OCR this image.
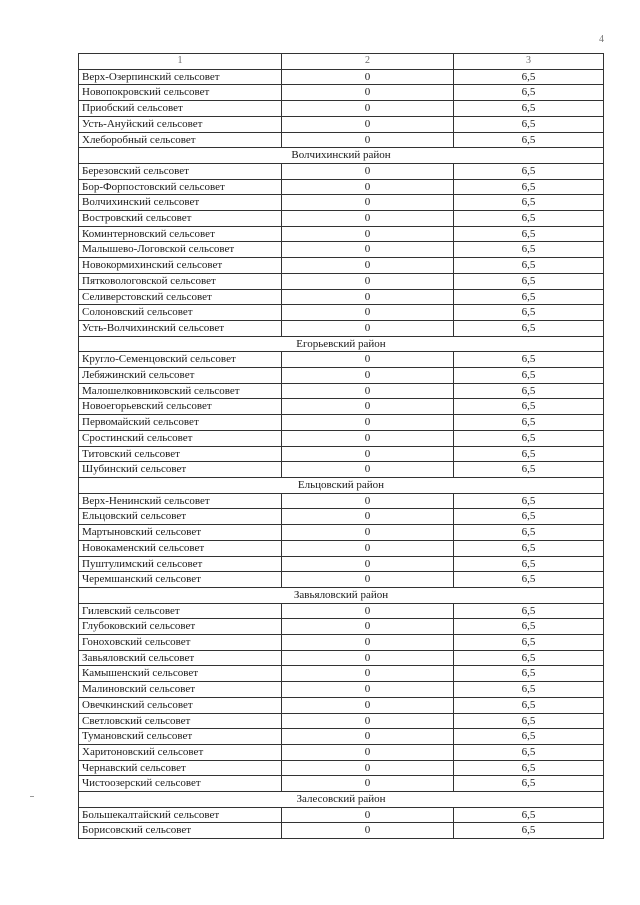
4
1	2	3
Верх-Озерпинский сельсовет	0	6,5
Новопокровский сельсовет	0	6,5
Приобский сельсовет	0	6,5
Усть-Ануйский сельсовет	0	6,5
Хлеборобный сельсовет	0	6,5
Волчихинский район		
Березовский сельсовет	0	6,5
Бор-Форпостовский сельсовет	0	6,5
Волчихинский сельсовет	0	6,5
Востровский сельсовет	0	6,5
Коминтерновский сельсовет	0	6,5
Малышево-Логовской сельсовет	0	6,5
Новокормихинский сельсовет	0	6,5
Пятковологовской сельсовет	0	6,5
Селиверстовский сельсовет	0	6,5
Солоновский сельсовет	0	6,5
Усть-Волчихинский сельсовет	0	6,5
Егорьевский район		
Кругло-Семенцовский сельсовет	0	6,5
Лебяжинский сельсовет	0	6,5
Малошелковниковский сельсовет	0	6,5
Новоегорьевский сельсовет	0	6,5
Первомайский сельсовет	0	6,5
Сростинский сельсовет	0	6,5
Титовский сельсовет	0	6,5
Шубинский сельсовет	0	6,5
Ельцовский район		
Верх-Ненинский сельсовет	0	6,5
Ельцовский сельсовет	0	6,5
Мартыновский сельсовет	0	6,5
Новокаменский сельсовет	0	6,5
Пуштулимский сельсовет	0	6,5
Черемшанский сельсовет	0	6,5
Завьяловский район		
Гилевский сельсовет	0	6,5
Глубоковский сельсовет	0	6,5
Гонохoвский сельсовет	0	6,5
Завьяловский сельсовет	0	6,5
Камышенский сельсовет	0	6,5
Малиновский сельсовет	0	6,5
Овечкинский сельсовет	0	6,5
Светловский сельсовет	0	6,5
Тумановский сельсовет	0	6,5
Харитоновский сельсовет	0	6,5
Чернавский сельсовет	0	6,5
Чистоозерский сельсовет	0	6,5
Залесовский район		
Большекалтайский сельсовет	0	6,5
Борисовский сельсовет	0	6,5
